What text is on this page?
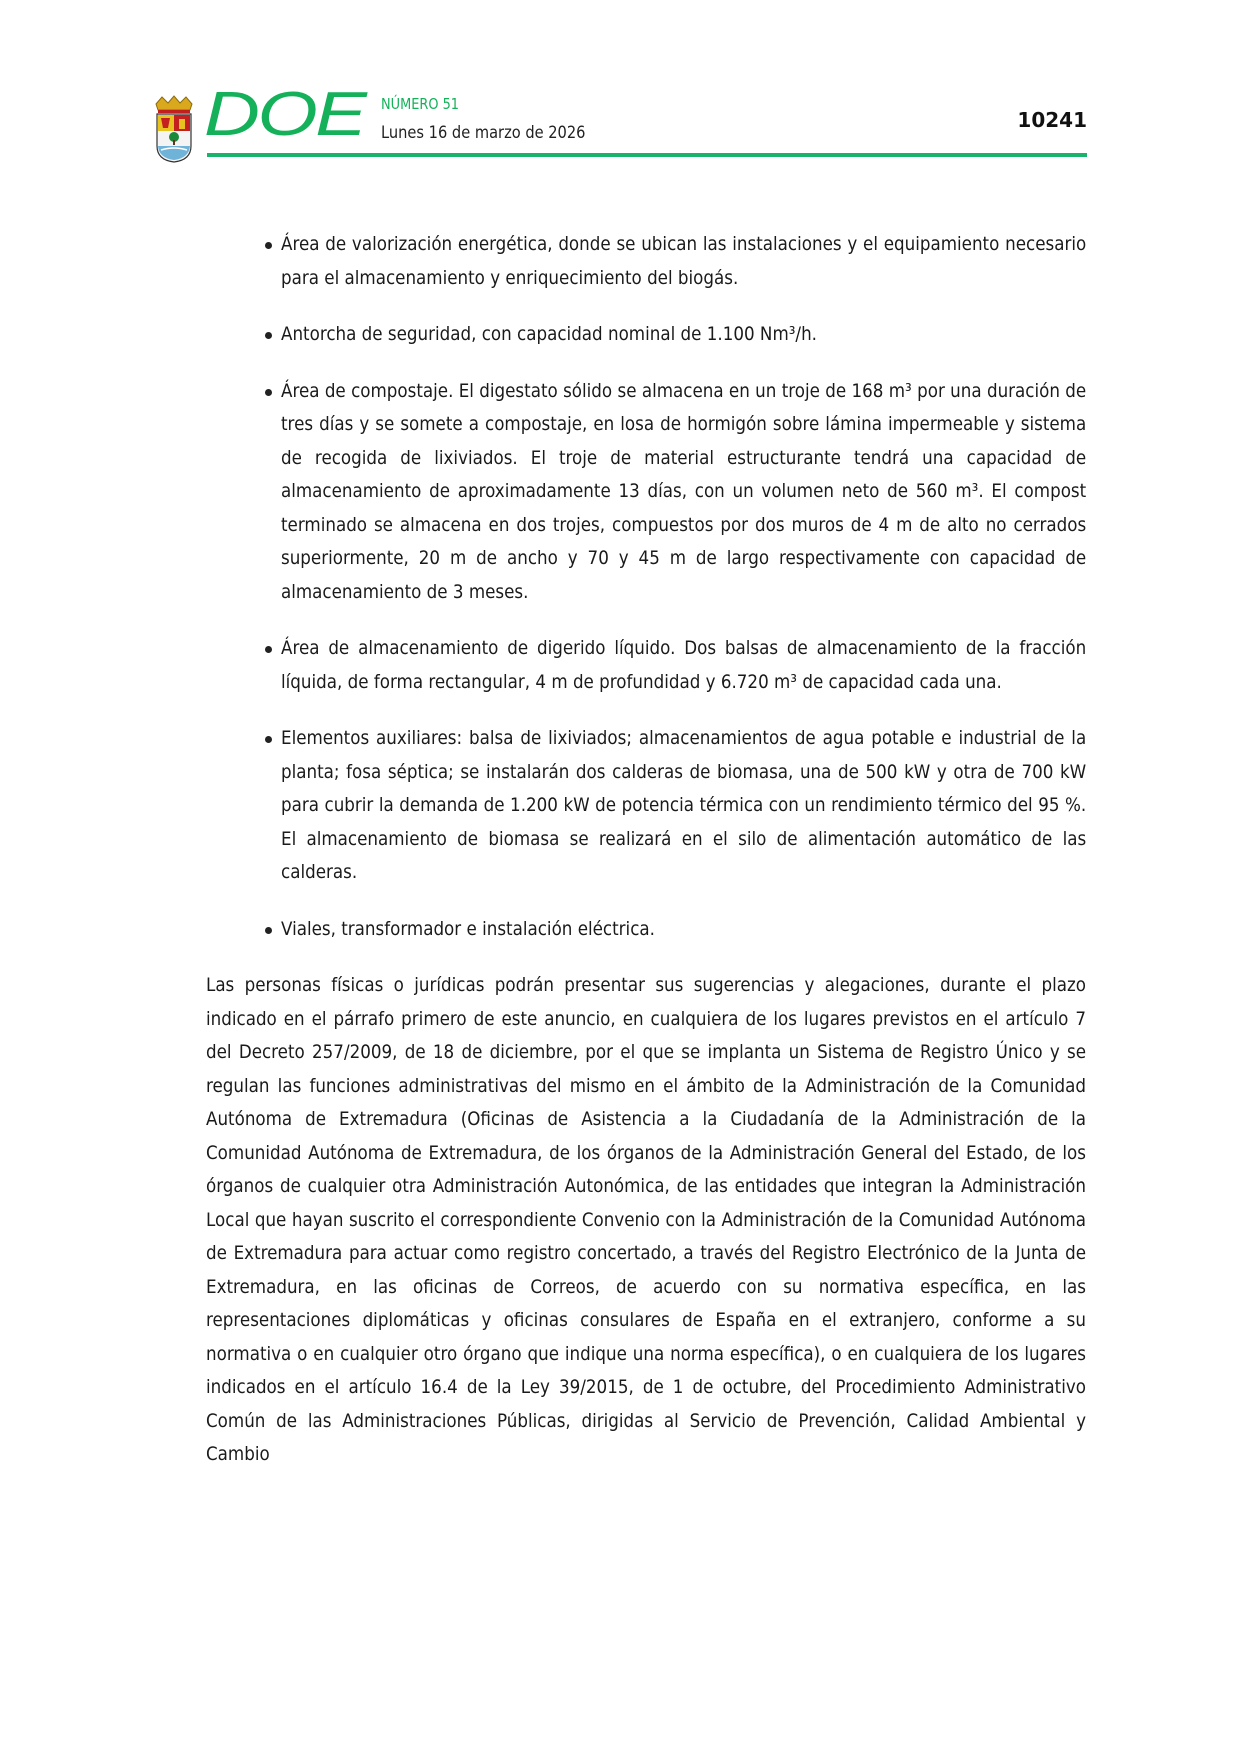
DOE NÚMERO 51
Lunes 16 de marzo de 2026
10241
Área de valorización energética, donde se ubican las instalaciones y el equipamiento necesario para el almacenamiento y enriquecimiento del biogás.
Antorcha de seguridad, con capacidad nominal de 1.100 Nm³/h.
Área de compostaje. El digestato sólido se almacena en un troje de 168 m³ por una duración de tres días y se somete a compostaje, en losa de hormigón sobre lámina impermeable y sistema de recogida de lixiviados. El troje de material estructurante tendrá una capacidad de almacenamiento de aproximadamente 13 días, con un volumen neto de 560 m³. El compost terminado se almacena en dos trojes, compuestos por dos muros de 4 m de alto no cerrados superiormente, 20 m de ancho y 70 y 45 m de largo respectivamente con capacidad de almacenamiento de 3 meses.
Área de almacenamiento de digerido líquido. Dos balsas de almacenamiento de la fracción líquida, de forma rectangular, 4 m de profundidad y 6.720 m³ de capacidad cada una.
Elementos auxiliares: balsa de lixiviados; almacenamientos de agua potable e industrial de la planta; fosa séptica; se instalarán dos calderas de biomasa, una de 500 kW y otra de 700 kW para cubrir la demanda de 1.200 kW de potencia térmica con un rendimiento térmico del 95 %. El almacenamiento de biomasa se realizará en el silo de alimentación automático de las calderas.
Viales, transformador e instalación eléctrica.
Las personas físicas o jurídicas podrán presentar sus sugerencias y alegaciones, durante el plazo indicado en el párrafo primero de este anuncio, en cualquiera de los lugares previstos en el artículo 7 del Decreto 257/2009, de 18 de diciembre, por el que se implanta un Sistema de Registro Único y se regulan las funciones administrativas del mismo en el ámbito de la Administración de la Comunidad Autónoma de Extremadura (Oficinas de Asistencia a la Ciudadanía de la Administración de la Comunidad Autónoma de Extremadura, de los órganos de la Administración General del Estado, de los órganos de cualquier otra Administración Autonómica, de las entidades que integran la Administración Local que hayan suscrito el correspondiente Convenio con la Administración de la Comunidad Autónoma de Extremadura para actuar como registro concertado, a través del Registro Electrónico de la Junta de Extremadura, en las oficinas de Correos, de acuerdo con su normativa específica, en las representaciones diplomáticas y oficinas consulares de España en el extranjero, conforme a su normativa o en cualquier otro órgano que indique una norma específica), o en cualquiera de los lugares indicados en el artículo 16.4 de la Ley 39/2015, de 1 de octubre, del Procedimiento Administrativo Común de las Administraciones Públicas, dirigidas al Servicio de Prevención, Calidad Ambiental y Cambio
